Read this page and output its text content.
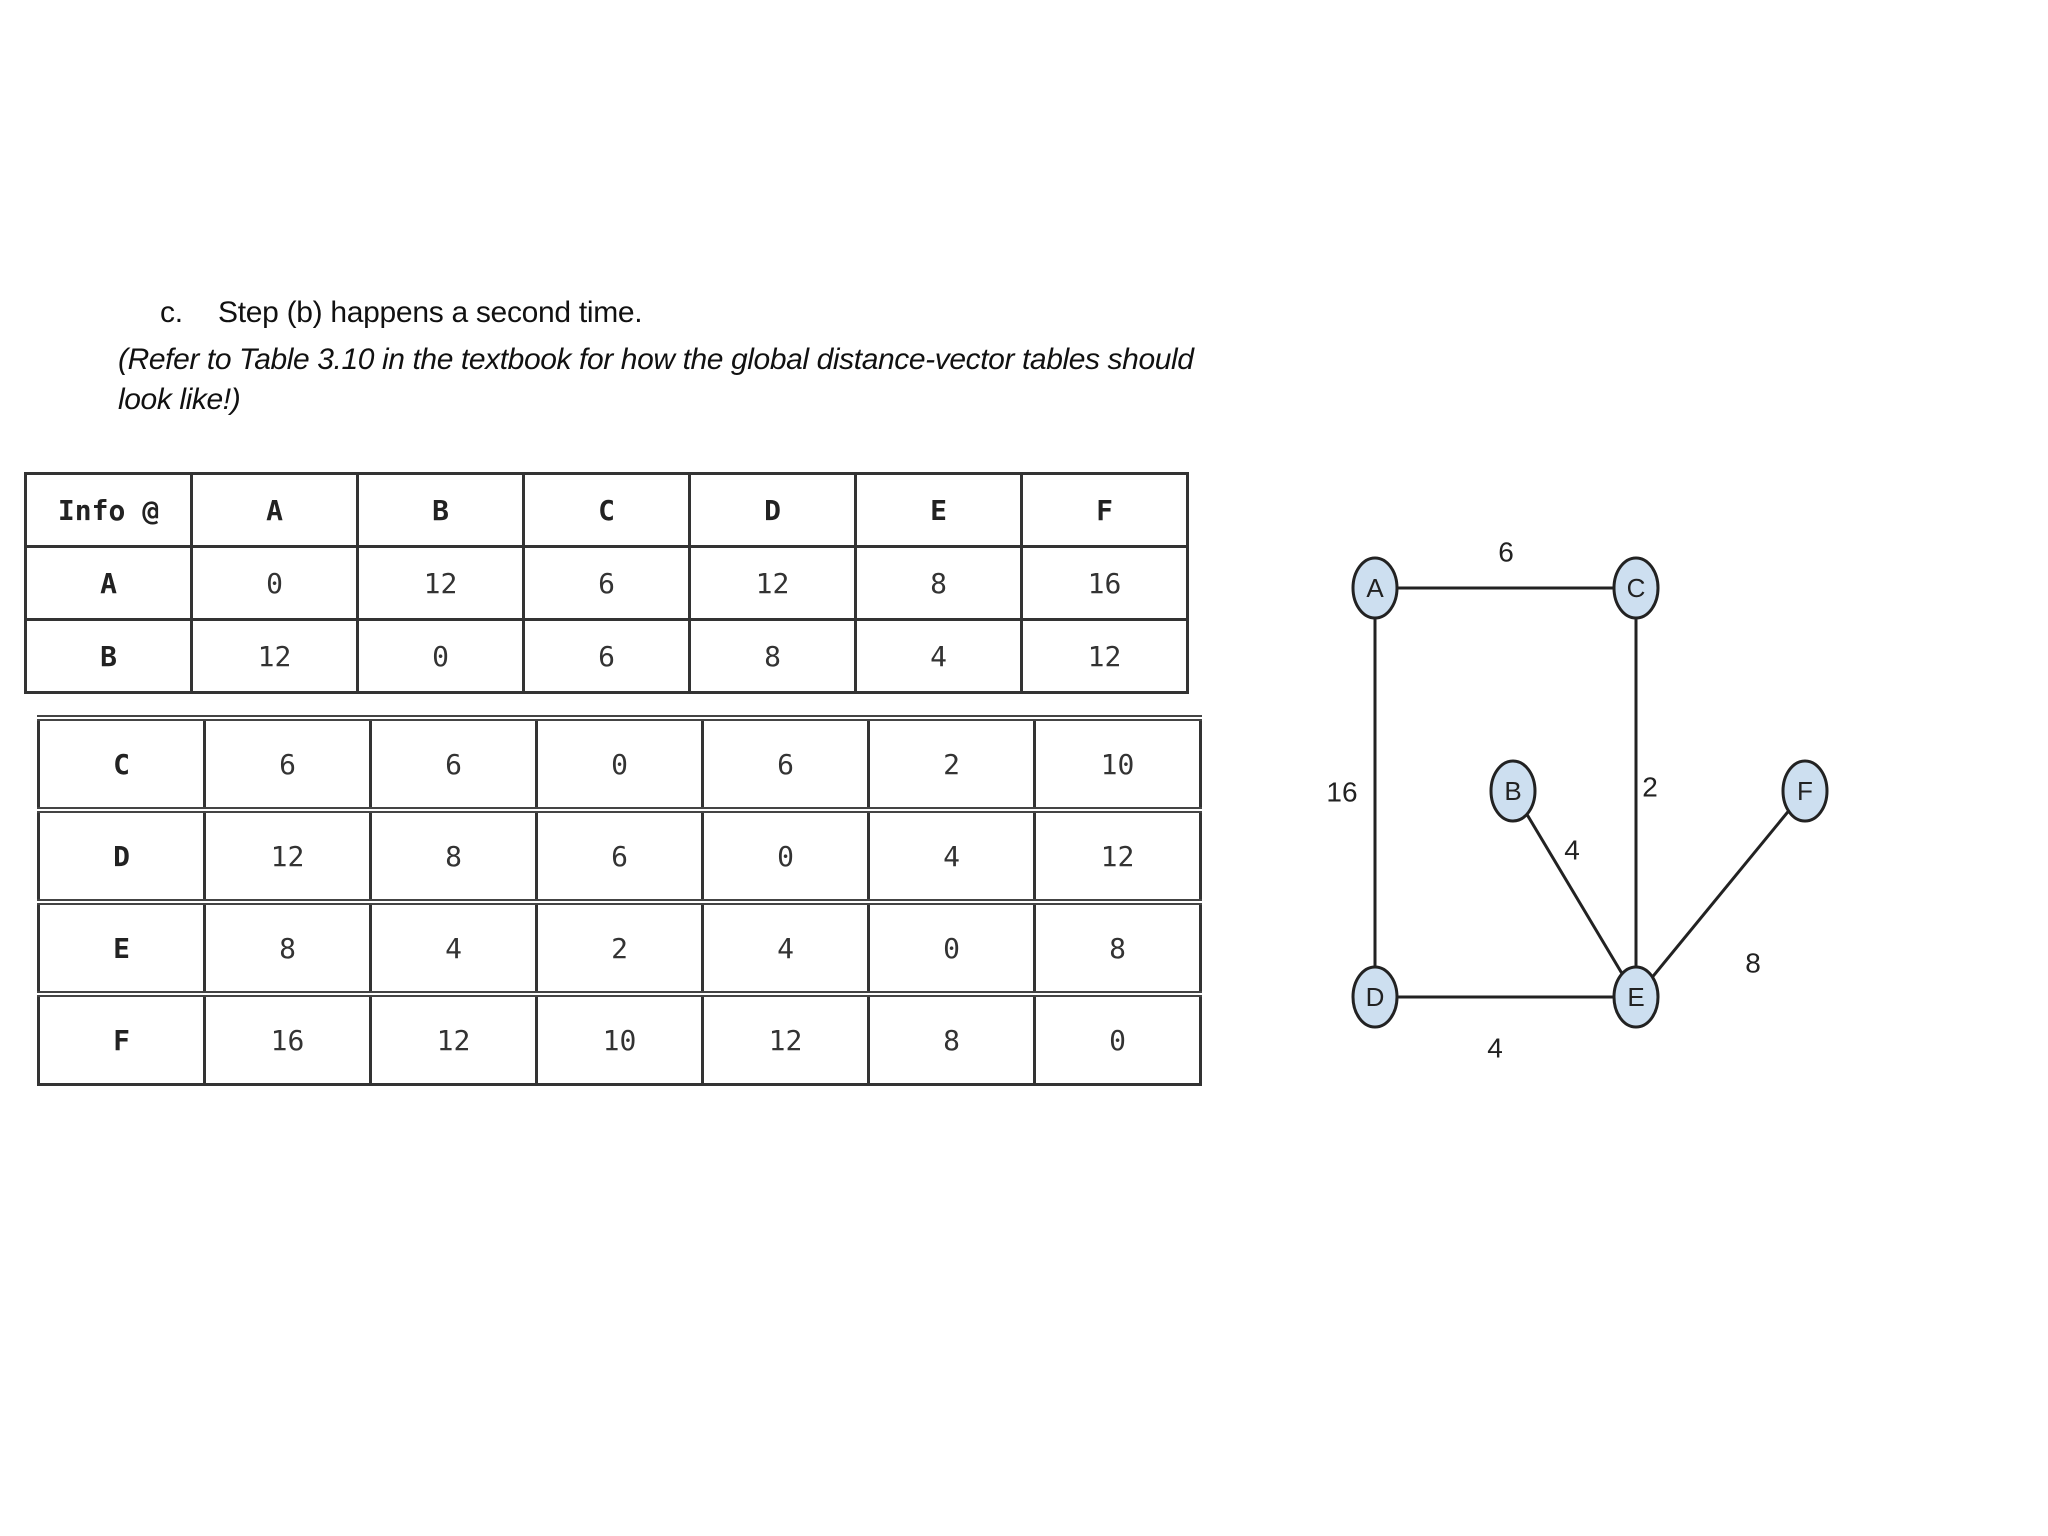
c. Step (b) happens a second time.
(Refer to Table 3.10 in the textbook for how the global distance-vector tables should look like!)
Info @	A	B	C	D	E	F
A	0	12	6	12	8	16
B	12	0	6	8	4	12
C	6	6	0	6	2	10
D	12	8	6	0	4	12
E	8	4	2	4	0	8
F	16	12	10	12	8	0
6
16	2
4
4
8
A
B
C
D	E
F
